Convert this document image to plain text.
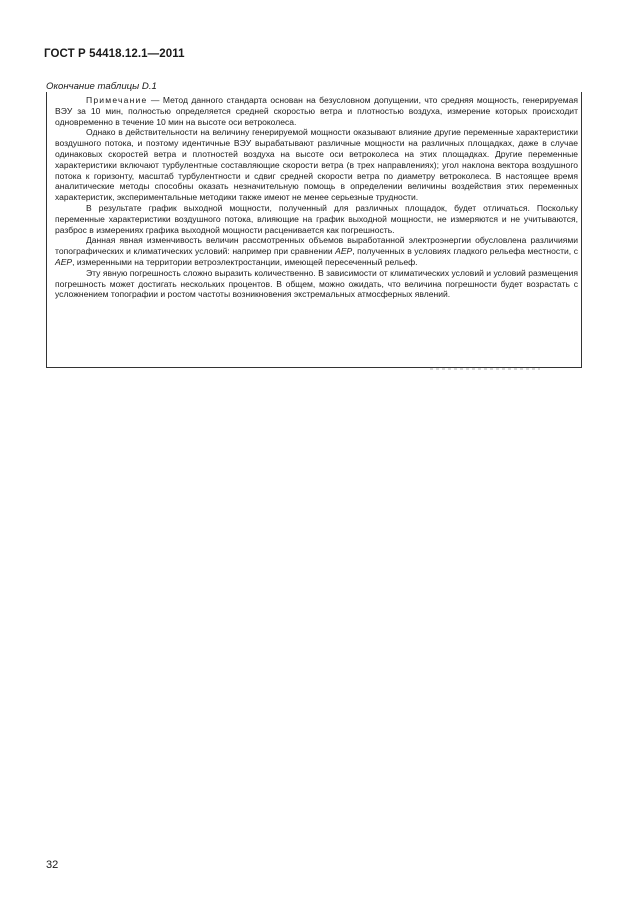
ГОСТ Р 54418.12.1—2011
Окончание таблицы D.1

Примечание — Метод данного стандарта основан на безусловном допущении, что средняя мощность, генерируемая ВЭУ за 10 мин, полностью определяется средней скоростью ветра и плотностью воздуха, измерение которых происходит одновременно в течение 10 мин на высоте оси ветроколеса.

Однако в действительности на величину генерируемой мощности оказывают влияние другие переменные характеристики воздушного потока, и поэтому идентичные ВЭУ вырабатывают различные мощности на различных площадках, даже в случае одинаковых скоростей ветра и плотностей воздуха на высоте оси ветроколеса на этих площадках. Другие переменные характеристики включают турбулентные составляющие скорости ветра (в трех направлениях); угол наклона вектора воздушного потока к горизонту, масштаб турбулентности и сдвиг средней скорости ветра по диаметру ветроколеса. В настоящее время аналитические методы способны оказать незначительную помощь в определении величины воздействия этих переменных характеристик, экспериментальные методики также имеют не менее серьезные трудности.

В результате график выходной мощности, полученный для различных площадок, будет отличаться. Поскольку переменные характеристики воздушного потока, влияющие на график выходной мощности, не измеряются и не учитываются, разброс в измерениях графика выходной мощности расценивается как погрешность.

Данная явная изменчивость величин рассмотренных объемов выработанной электроэнергии обусловлена различиями топографических и климатических условий: например при сравнении AEP, полученных в условиях гладкого рельефа местности, с AEP, измеренными на территории ветроэлектростанции, имеющей пересеченный рельеф.

Эту явную погрешность сложно выразить количественно. В зависимости от климатических условий и условий размещения погрешность может достигать нескольких процентов. В общем, можно ожидать, что величина погрешности будет возрастать с усложнением топографии и ростом частоты возникновения экстремальных атмосферных явлений.

32
